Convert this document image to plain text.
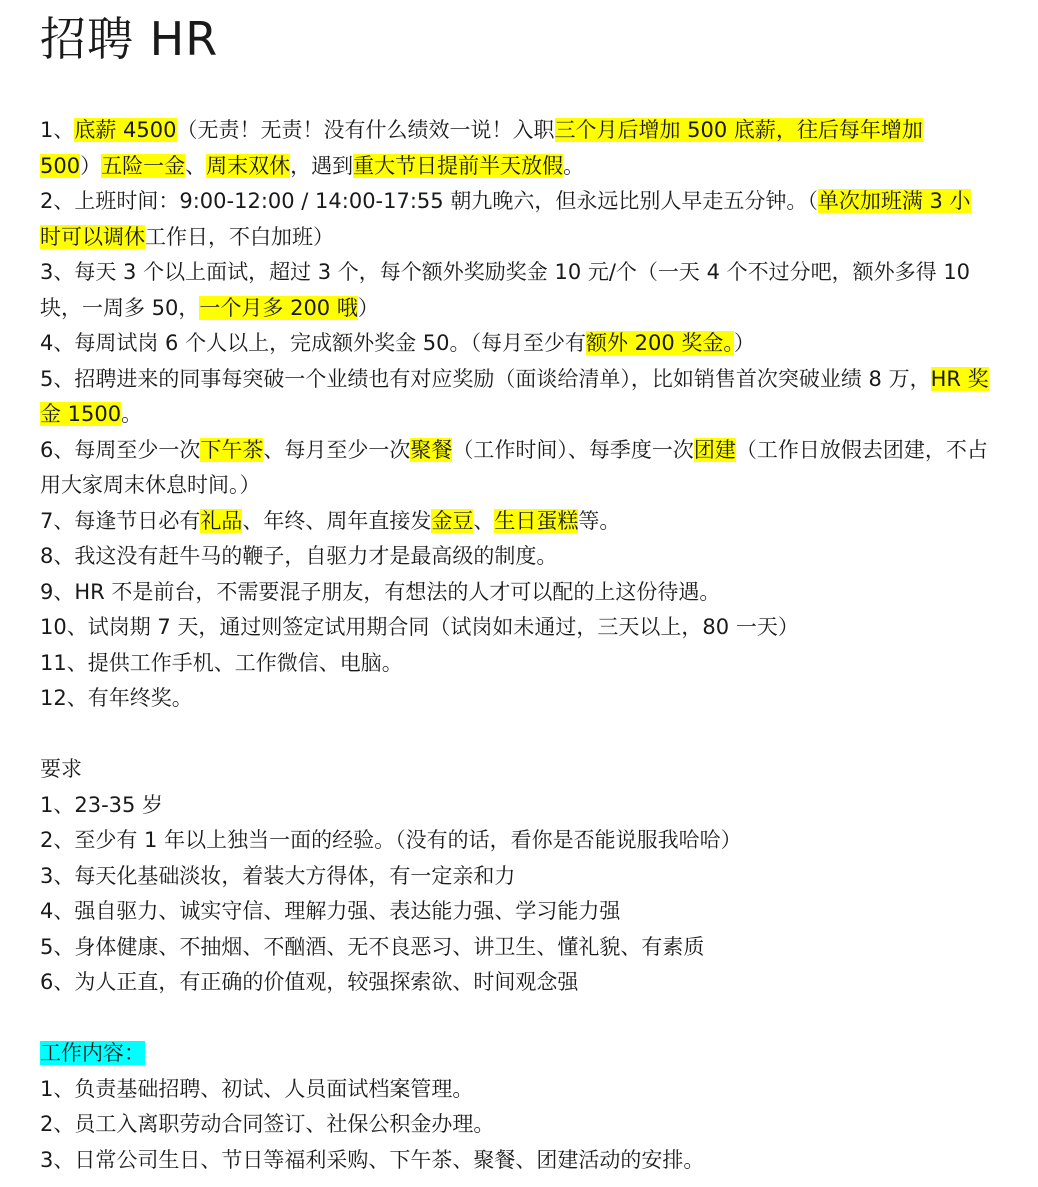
招聘 HR

1、底薪 4500（无责！无责！没有什么绩效一说！入职三个月后增加 500 底薪，往后每年增加 500）五险一金、周末双休，遇到重大节日提前半天放假。

2、上班时间：9:00-12:00 / 14:00-17:55 朝九晚六，但永远比别人早走五分钟。（单次加班满 3 小时可以调休工作日，不白加班）

3、每天 3 个以上面试，超过 3 个，每个额外奖励奖金 10 元/个（一天 4 个不过分吧，额外多得 10 块，一周多 50，一个月多 200 哦）

4、每周试岗 6 个人以上，完成额外奖金 50。（每月至少有额外 200 奖金。）

5、招聘进来的同事每突破一个业绩也有对应奖励（面谈给清单），比如销售首次突破业绩 8 万，HR 奖金 1500。

6、每周至少一次下午茶、每月至少一次聚餐（工作时间）、每季度一次团建（工作日放假去团建，不占用大家周末休息时间。）

7、每逢节日必有礼品、年终、周年直接发金豆、生日蛋糕等。

8、我这没有赶牛马的鞭子，自驱力才是最高级的制度。

9、HR 不是前台，不需要混子朋友，有想法的人才可以配的上这份待遇。

10、试岗期 7 天，通过则签定试用期合同（试岗如未通过，三天以上，80 一天）

11、提供工作手机、工作微信、电脑。

12、有年终奖。

要求

1、23-35 岁

2、至少有 1 年以上独当一面的经验。（没有的话，看你是否能说服我哈哈）

3、每天化基础淡妆，着装大方得体，有一定亲和力

4、强自驱力、诚实守信、理解力强、表达能力强、学习能力强

5、身体健康、不抽烟、不酗酒、无不良恶习、讲卫生、懂礼貌、有素质

6、为人正直，有正确的价值观，较强探索欲、时间观念强

工作内容：

1、负责基础招聘、初试、人员面试档案管理。

2、员工入离职劳动合同签订、社保公积金办理。

3、日常公司生日、节日等福利采购、下午茶、聚餐、团建活动的安排。
